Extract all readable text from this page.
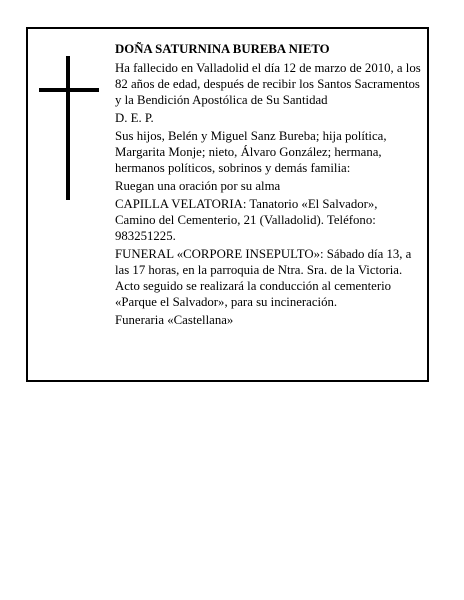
DOÑA SATURNINA BUREBA NIETO
Ha fallecido en Valladolid el día 12 de marzo de 2010, a los 82 años de edad, después de recibir los Santos Sacramentos y la Bendición Apostólica de Su Santidad
D. E. P.
Sus hijos, Belén y Miguel Sanz Bureba; hija política, Margarita Monje; nieto, Álvaro González; hermana, hermanos políticos, sobrinos y demás familia:
Ruegan una oración por su alma
CAPILLA VELATORIA: Tanatorio «El Salvador», Camino del Cementerio, 21 (Valladolid). Teléfono: 983251225.
FUNERAL «CORPORE INSEPULTO»: Sábado día 13, a las 17 horas, en la parroquia de Ntra. Sra. de la Victoria. Acto seguido se realizará la conducción al cementerio «Parque el Salvador», para su incineración.
Funeraria «Castellana»
